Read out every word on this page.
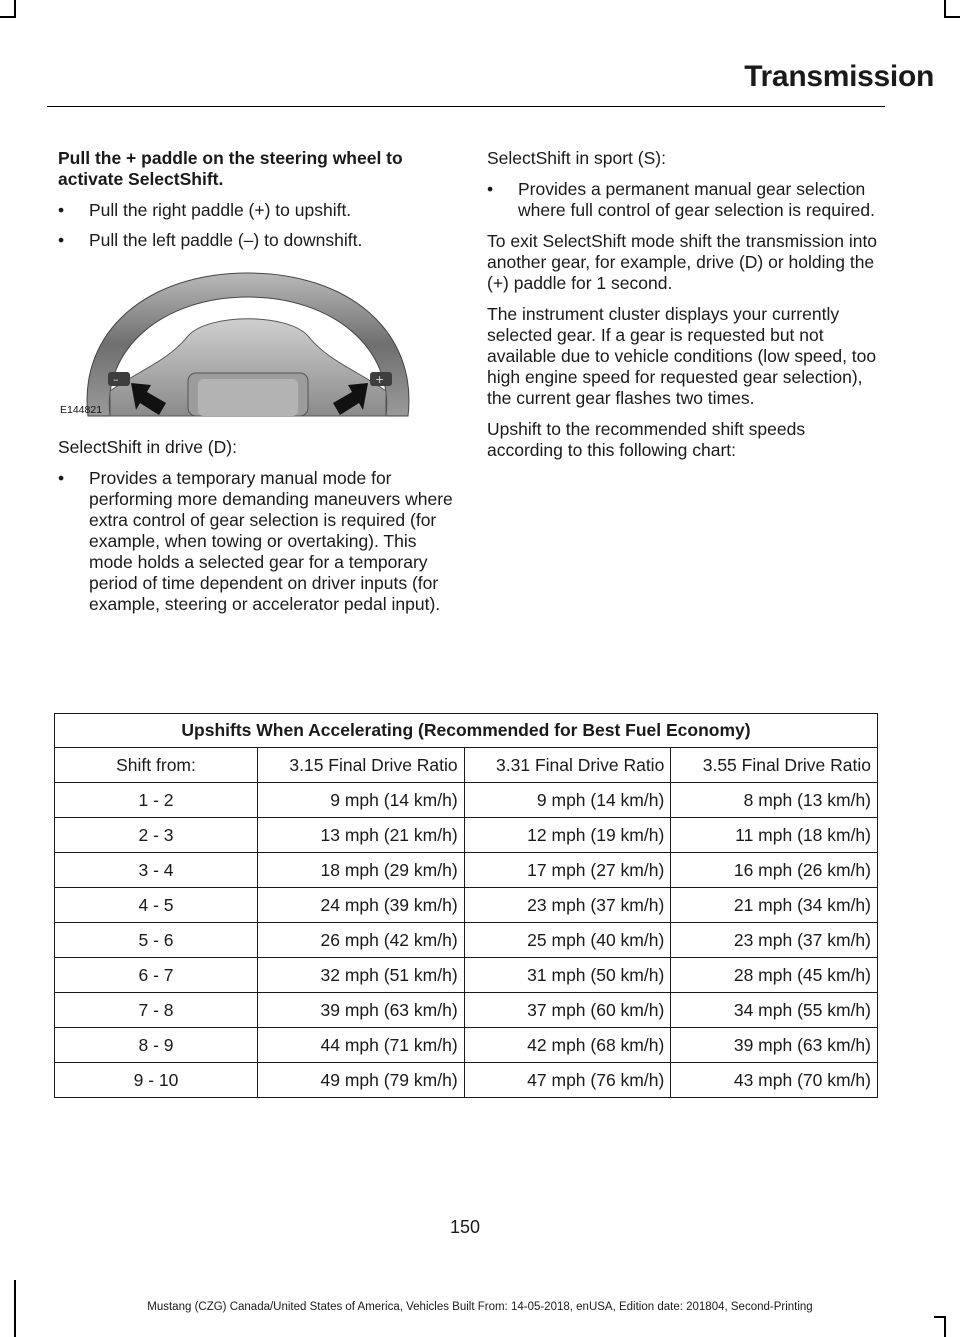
Transmission

Pull the + paddle on the steering wheel to activate SelectShift.

• Pull the right paddle (+) to upshift.
• Pull the left paddle (–) to downshift.
–	+
E144821

SelectShift in drive (D):

• Provides a temporary manual mode for performing more demanding maneuvers where extra control of gear selection is required (for example, when towing or overtaking). This mode holds a selected gear for a temporary period of time dependent on driver inputs (for example, steering or accelerator pedal input).

SelectShift in sport (S):

• Provides a permanent manual gear selection where full control of gear selection is required.

To exit SelectShift mode shift the transmission into another gear, for example, drive (D) or holding the (+) paddle for 1 second.

The instrument cluster displays your currently selected gear. If a gear is requested but not available due to vehicle conditions (low speed, too high engine speed for requested gear selection), the current gear flashes two times.

Upshift to the recommended shift speeds according to this following chart:

Upshifts When Accelerating (Recommended for Best Fuel Economy)			
Shift from:	3.15 Final Drive Ratio	3.31 Final Drive Ratio	3.55 Final Drive Ratio
1 - 2	9 mph (14 km/h)	9 mph (14 km/h)	8 mph (13 km/h)
2 - 3	13 mph (21 km/h)	12 mph (19 km/h)	11 mph (18 km/h)
3 - 4	18 mph (29 km/h)	17 mph (27 km/h)	16 mph (26 km/h)
4 - 5	24 mph (39 km/h)	23 mph (37 km/h)	21 mph (34 km/h)
5 - 6	26 mph (42 km/h)	25 mph (40 km/h)	23 mph (37 km/h)
6 - 7	32 mph (51 km/h)	31 mph (50 km/h)	28 mph (45 km/h)
7 - 8	39 mph (63 km/h)	37 mph (60 km/h)	34 mph (55 km/h)
8 - 9	44 mph (71 km/h)	42 mph (68 km/h)	39 mph (63 km/h)
9 - 10	49 mph (79 km/h)	47 mph (76 km/h)	43 mph (70 km/h)
150
Mustang (CZG) Canada/United States of America, Vehicles Built From: 14-05-2018, enUSA, Edition date: 201804, Second-Printing
